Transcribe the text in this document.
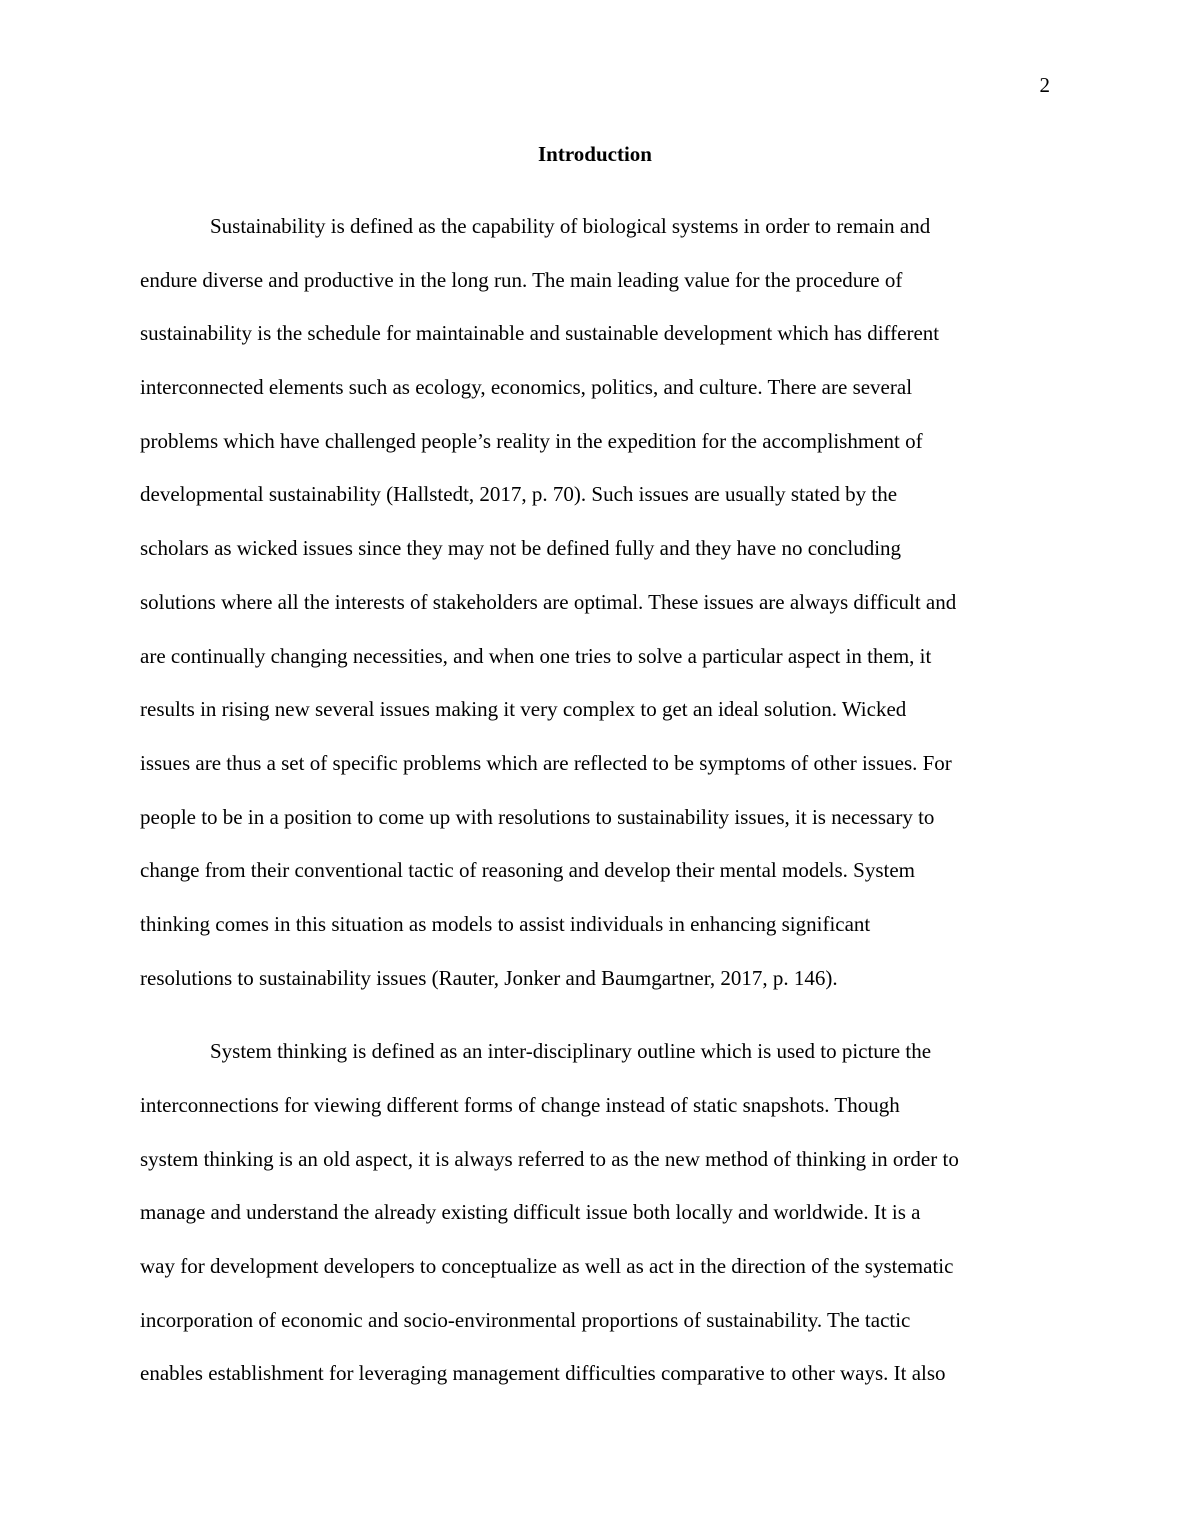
2

Introduction
Sustainability is defined as the capability of biological systems in order to remain and
endure diverse and productive in the long run. The main leading value for the procedure of
sustainability is the schedule for maintainable and sustainable development which has different
interconnected elements such as ecology, economics, politics, and culture. There are several
problems which have challenged people’s reality in the expedition for the accomplishment of
developmental sustainability (Hallstedt, 2017, p. 70). Such issues are usually stated by the
scholars as wicked issues since they may not be defined fully and they have no concluding
solutions where all the interests of stakeholders are optimal. These issues are always difficult and
are continually changing necessities, and when one tries to solve a particular aspect in them, it
results in rising new several issues making it very complex to get an ideal solution. Wicked
issues are thus a set of specific problems which are reflected to be symptoms of other issues. For
people to be in a position to come up with resolutions to sustainability issues, it is necessary to
change from their conventional tactic of reasoning and develop their mental models. System
thinking comes in this situation as models to assist individuals in enhancing significant
resolutions to sustainability issues (Rauter, Jonker and Baumgartner, 2017, p. 146).
System thinking is defined as an inter-disciplinary outline which is used to picture the
interconnections for viewing different forms of change instead of static snapshots. Though
system thinking is an old aspect, it is always referred to as the new method of thinking in order to
manage and understand the already existing difficult issue both locally and worldwide. It is a
way for development developers to conceptualize as well as act in the direction of the systematic
incorporation of economic and socio-environmental proportions of sustainability. The tactic
enables establishment for leveraging management difficulties comparative to other ways. It also
